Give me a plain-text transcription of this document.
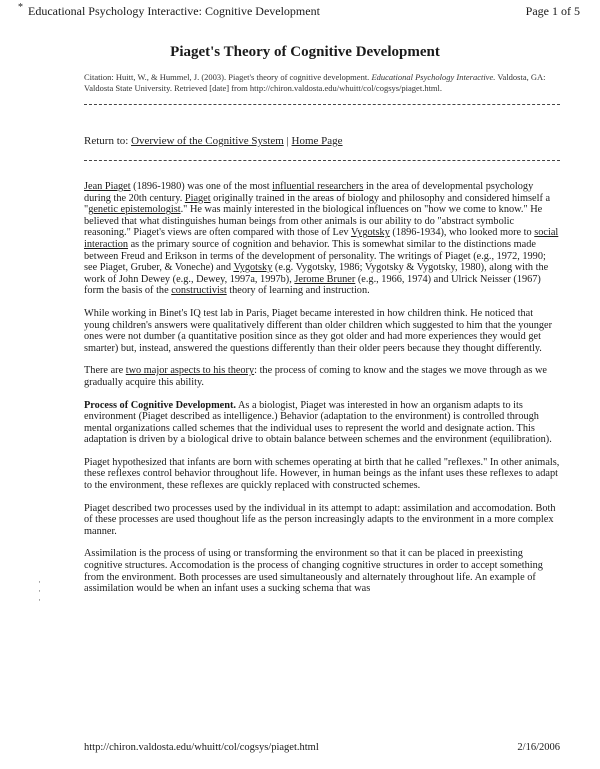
* Educational Psychology Interactive: Cognitive Development	Page 1 of 5
Piaget's Theory of Cognitive Development
Citation: Huitt, W., & Hummel, J. (2003). Piaget's theory of cognitive development. Educational Psychology Interactive. Valdosta, GA: Valdosta State University. Retrieved [date] from http://chiron.valdosta.edu/whuitt/col/cogsys/piaget.html.
Return to: Overview of the Cognitive System | Home Page

Jean Piaget (1896-1980) was one of the most influential researchers in the area of developmental psychology during the 20th century. Piaget originally trained in the areas of biology and philosophy and considered himself a "genetic epistemologist." He was mainly interested in the biological influences on "how we come to know." He believed that what distinguishes human beings from other animals is our ability to do "abstract symbolic reasoning." Piaget's views are often compared with those of Lev Vygotsky (1896-1934), who looked more to social interaction as the primary source of cognition and behavior. This is somewhat similar to the distinctions made between Freud and Erikson in terms of the development of personality. The writings of Piaget (e.g., 1972, 1990; see Piaget, Gruber, & Voneche) and Vygotsky (e.g. Vygotsky, 1986; Vygotsky & Vygotsky, 1980), along with the work of John Dewey (e.g., Dewey, 1997a, 1997b), Jerome Bruner (e.g., 1966, 1974) and Ulrick Neisser (1967) form the basis of the constructivist theory of learning and instruction.

While working in Binet's IQ test lab in Paris, Piaget became interested in how children think. He noticed that young children's answers were qualitatively different than older children which suggested to him that the younger ones were not dumber (a quantitative position since as they got older and had more experiences they would get smarter) but, instead, answered the questions differently than their older peers because they thought differently.

There are two major aspects to his theory: the process of coming to know and the stages we move through as we gradually acquire this ability.

Process of Cognitive Development. As a biologist, Piaget was interested in how an organism adapts to its environment (Piaget described as intelligence.) Behavior (adaptation to the environment) is controlled through mental organizations called schemes that the individual uses to represent the world and designate action. This adaptation is driven by a biological drive to obtain balance between schemes and the environment (equilibration).

Piaget hypothesized that infants are born with schemes operating at birth that he called "reflexes." In other animals, these reflexes control behavior throughout life. However, in human beings as the infant uses these reflexes to adapt to the environment, these reflexes are quickly replaced with constructed schemes.

Piaget described two processes used by the individual in its attempt to adapt: assimilation and accomodation. Both of these processes are used thoughout life as the person increasingly adapts to the environment in a more complex manner.

Assimilation is the process of using or transforming the environment so that it can be placed in preexisting cognitive structures. Accomodation is the process of changing cognitive structures in order to accept something from the environment. Both processes are used simultaneously and alternately throughout life. An example of assimilation would be when an infant uses a sucking schema that was

·
·
·
http://chiron.valdosta.edu/whuitt/col/cogsys/piaget.html	2/16/2006
